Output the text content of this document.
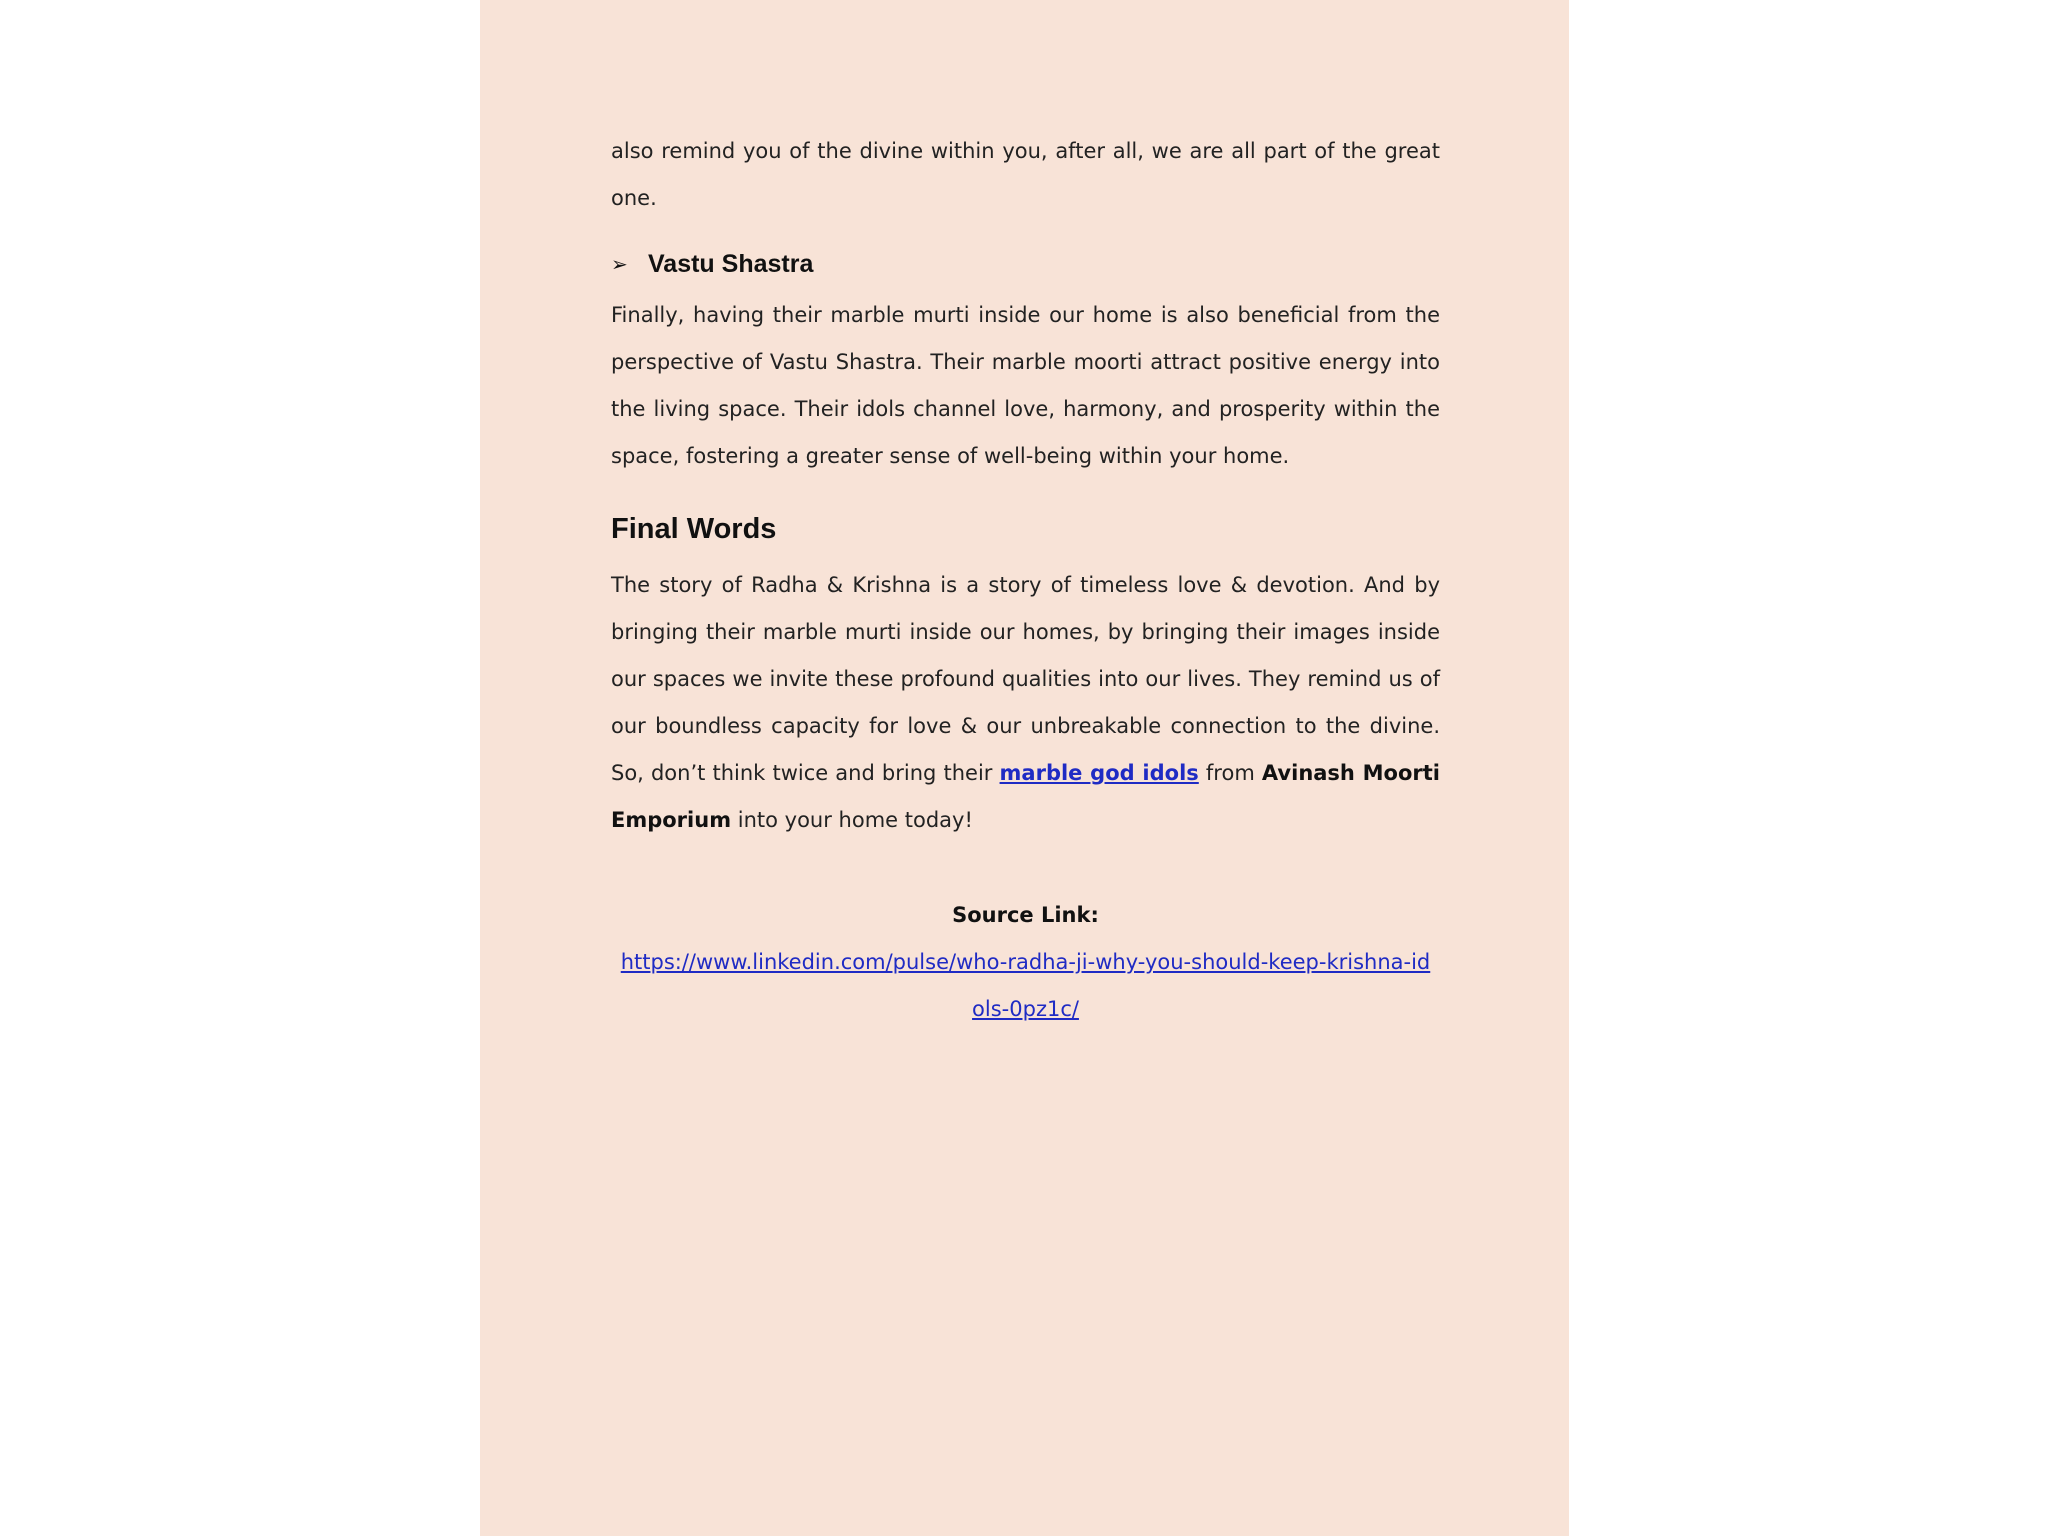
also remind you of the divine within you, after all, we are all part of the great one.

➢ Vastu Shastra

Finally, having their marble murti inside our home is also beneficial from the perspective of Vastu Shastra. Their marble moorti attract positive energy into the living space. Their idols channel love, harmony, and prosperity within the space, fostering a greater sense of well-being within your home.

Final Words

The story of Radha & Krishna is a story of timeless love & devotion. And by bringing their marble murti inside our homes, by bringing their images inside our spaces we invite these profound qualities into our lives. They remind us of our boundless capacity for love & our unbreakable connection to the divine. So, don’t think twice and bring their marble god idols from Avinash Moorti Emporium into your home today!

Source Link:
https://www.linkedin.com/pulse/who-radha-ji-why-you-should-keep-krishna-idols-0pz1c/
